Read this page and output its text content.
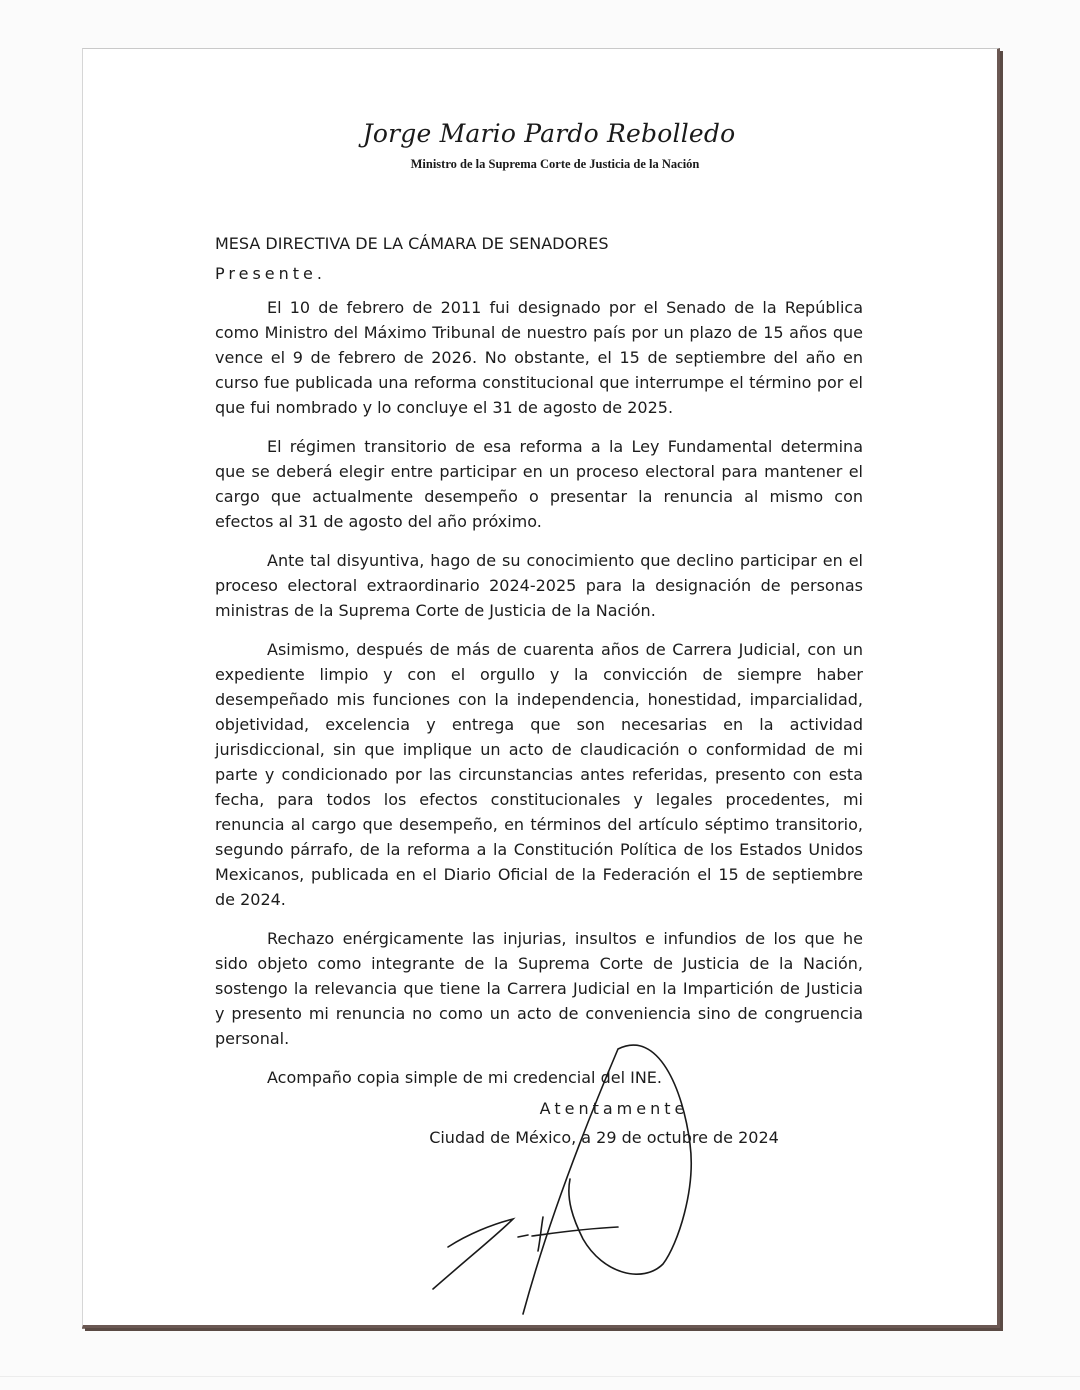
Jorge Mario Pardo Rebolledo
Ministro de la Suprema Corte de Justicia de la Nación

MESA DIRECTIVA DE LA CÁMARA DE SENADORES

Presente.

El 10 de febrero de 2011 fui designado por el Senado de la República como Ministro del Máximo Tribunal de nuestro país por un plazo de 15 años que vence el 9 de febrero de 2026. No obstante, el 15 de septiembre del año en curso fue publicada una reforma constitucional que interrumpe el término por el que fui nombrado y lo concluye el 31 de agosto de 2025.

El régimen transitorio de esa reforma a la Ley Fundamental determina que se deberá elegir entre participar en un proceso electoral para mantener el cargo que actualmente desempeño o presentar la renuncia al mismo con efectos al 31 de agosto del año próximo.

Ante tal disyuntiva, hago de su conocimiento que declino participar en el proceso electoral extraordinario 2024-2025 para la designación de personas ministras de la Suprema Corte de Justicia de la Nación.

Asimismo, después de más de cuarenta años de Carrera Judicial, con un expediente limpio y con el orgullo y la convicción de siempre haber desempeñado mis funciones con la independencia, honestidad, imparcialidad, objetividad, excelencia y entrega que son necesarias en la actividad jurisdiccional, sin que implique un acto de claudicación o conformidad de mi parte y condicionado por las circunstancias antes referidas, presento con esta fecha, para todos los efectos constitucionales y legales procedentes, mi renuncia al cargo que desempeño, en términos del artículo séptimo transitorio, segundo párrafo, de la reforma a la Constitución Política de los Estados Unidos Mexicanos, publicada en el Diario Oficial de la Federación el 15 de septiembre de 2024.

Rechazo enérgicamente las injurias, insultos e infundios de los que he sido objeto como integrante de la Suprema Corte de Justicia de la Nación, sostengo la relevancia que tiene la Carrera Judicial en la Impartición de Justicia y presento mi renuncia no como un acto de conveniencia sino de congruencia personal.

Acompaño copia simple de mi credencial del INE.

Atentamente

Ciudad de México, a 29 de octubre de 2024
